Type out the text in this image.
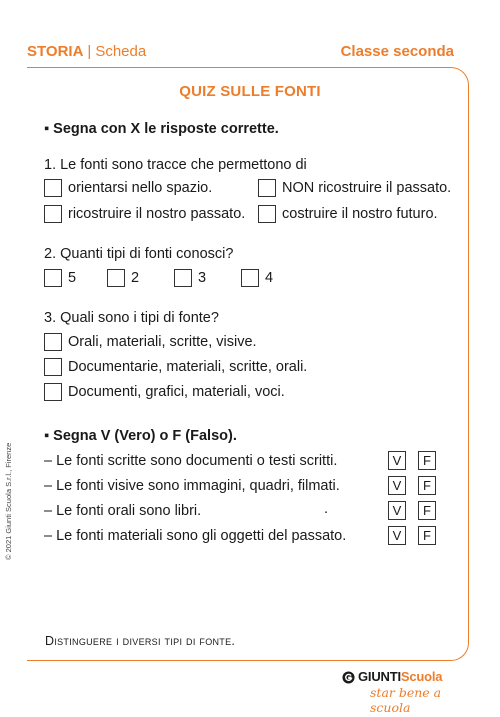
STORIA | Scheda	Classe seconda
QUIZ SULLE FONTI
▪ Segna con X le risposte corrette.
1. Le fonti sono tracce che permettono di
orientarsi nello spazio.	NON ricostruire il passato.
ricostruire il nostro passato.	costruire il nostro futuro.
2. Quanti tipi di fonti conosci?
5	2	3	4
3. Quali sono i tipi di fonte?
Orali, materiali, scritte, visive.
Documentarie, materiali, scritte, orali.
Documenti, grafici, materiali, voci.
▪ Segna V (Vero) o F (Falso).
– Le fonti scritte sono documenti o testi scritti.	V	F
– Le fonti visive sono immagini, quadri, filmati.	V	F
– Le fonti orali sono libri.	.	V	F
– Le fonti materiali sono gli oggetti del passato.	V	F
Distinguere i diversi tipi di fonte.
© 2021 Giunti Scuola S.r.l., Firenze
GIUNTIScuola
star bene a scuola
